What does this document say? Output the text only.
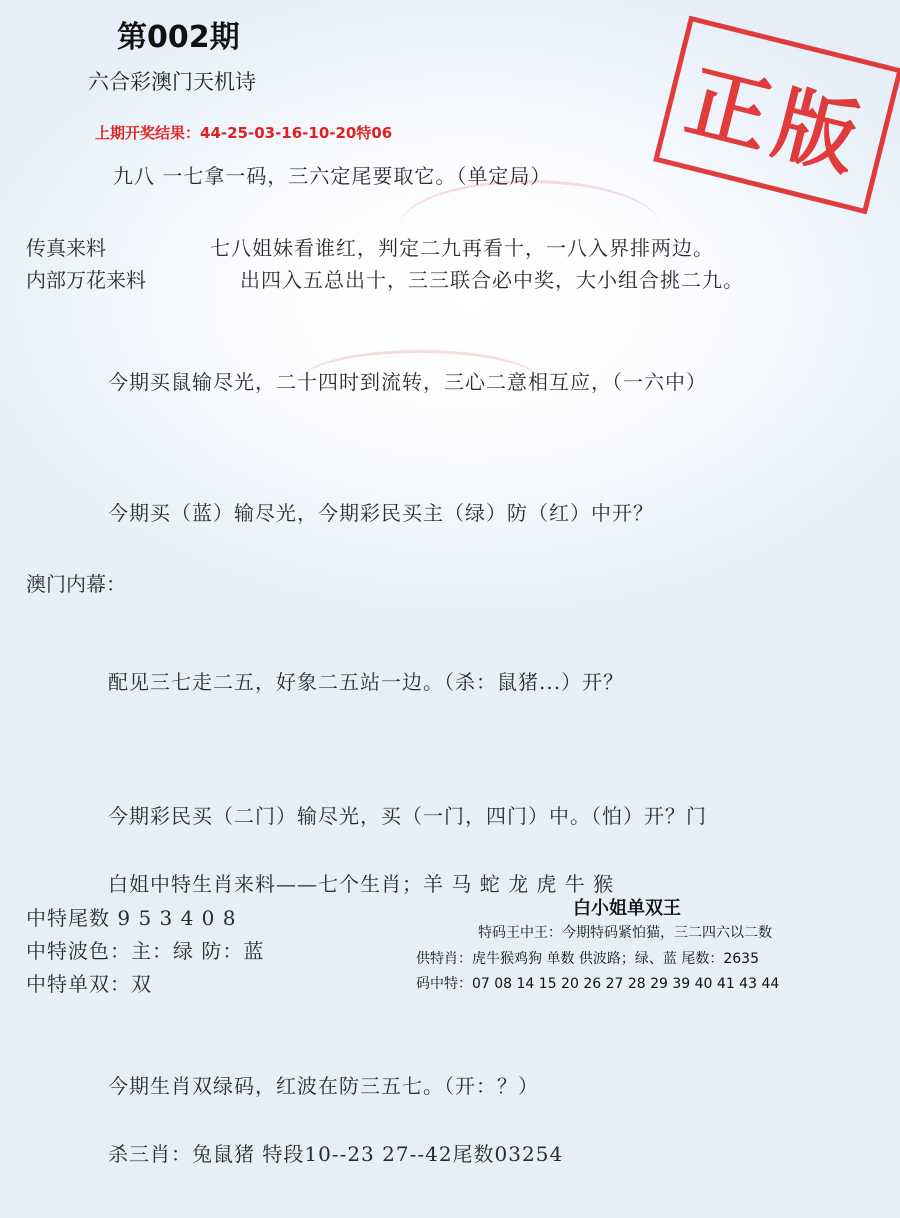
第002期
六合彩澳门天机诗
上期开奖结果：44-25-03-16-10-20特06	正版
九八 一七拿一码，三六定尾要取它。（单定局）
传真来料	七八姐妹看谁红，判定二九再看十，一八入界排两边。
内部万花来料	出四入五总出十，三三联合必中奖，大小组合挑二九。
今期买鼠输尽光，二十四时到流转，三心二意相互应，（一六中）
今期买（蓝）输尽光，今期彩民买主（绿）防（红）中开？
澳门内幕：
配见三七走二五，好象二五站一边。（杀：鼠猪...）开？
今期彩民买（二门）输尽光，买（一门，四门）中。（怕）开？门
白姐中特生肖来料——七个生肖；羊 马 蛇 龙 虎 牛 猴
中特尾数 9 5 3 4 0 8
中特波色：主：绿 防：蓝
中特单双：双
白小姐单双王
特码王中王：今期特码紧怕猫，三二四六以二数
供特肖：虎牛猴鸡狗 单数 供波路；绿、蓝 尾数：2635
码中特：07 08 14 15 20 26 27 28 29 39 40 41 43 44
今期生肖双绿码，红波在防三五七。（开：？）
杀三肖：兔鼠猪 特段10--23 27--42尾数03254
